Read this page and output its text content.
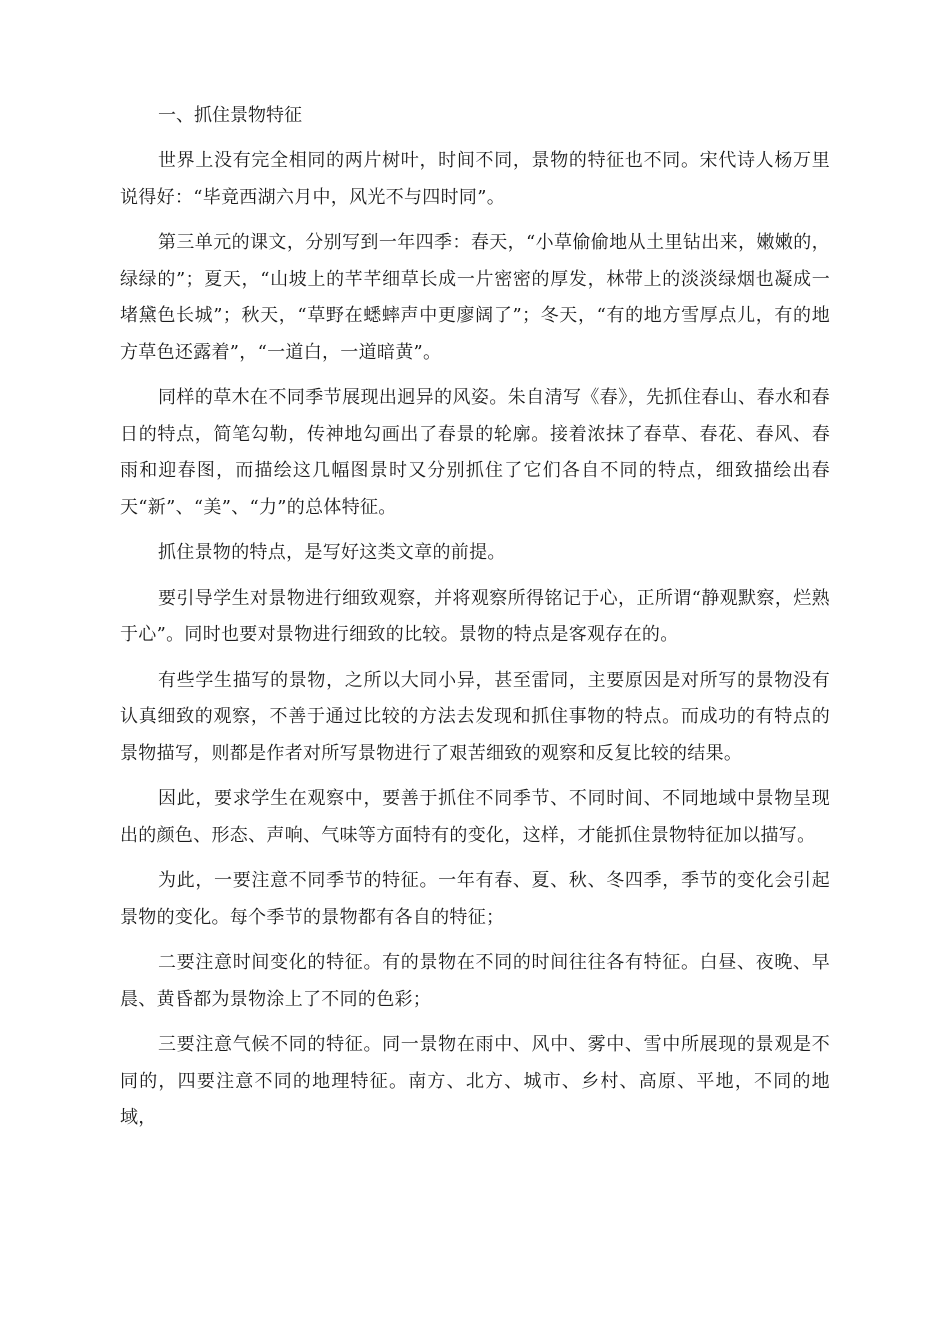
一、抓住景物特征

世界上没有完全相同的两片树叶，时间不同，景物的特征也不同。宋代诗人杨万里说得好：“毕竟西湖六月中，风光不与四时同”。

第三单元的课文，分别写到一年四季：春天，“小草偷偷地从土里钻出来，嫩嫩的，绿绿的”；夏天，“山坡上的芊芊细草长成一片密密的厚发，林带上的淡淡绿烟也凝成一堵黛色长城”；秋天，“草野在蟋蟀声中更廖阔了”；冬天，“有的地方雪厚点儿，有的地方草色还露着”，“一道白，一道暗黄”。

同样的草木在不同季节展现出迥异的风姿。朱自清写《春》，先抓住春山、春水和春日的特点，简笔勾勒，传神地勾画出了春景的轮廓。接着浓抹了春草、春花、春风、春雨和迎春图，而描绘这几幅图景时又分别抓住了它们各自不同的特点，细致描绘出春天“新”、“美”、“力”的总体特征。

抓住景物的特点，是写好这类文章的前提。

要引导学生对景物进行细致观察，并将观察所得铭记于心，正所谓“静观默察，烂熟于心”。同时也要对景物进行细致的比较。景物的特点是客观存在的。

有些学生描写的景物，之所以大同小异，甚至雷同，主要原因是对所写的景物没有认真细致的观察，不善于通过比较的方法去发现和抓住事物的特点。而成功的有特点的景物描写，则都是作者对所写景物进行了艰苦细致的观察和反复比较的结果。

因此，要求学生在观察中，要善于抓住不同季节、不同时间、不同地域中景物呈现出的颜色、形态、声响、气味等方面特有的变化，这样，才能抓住景物特征加以描写。

为此，一要注意不同季节的特征。一年有春、夏、秋、冬四季，季节的变化会引起景物的变化。每个季节的景物都有各自的特征；

二要注意时间变化的特征。有的景物在不同的时间往往各有特征。白昼、夜晚、早晨、黄昏都为景物涂上了不同的色彩；

三要注意气候不同的特征。同一景物在雨中、风中、雾中、雪中所展现的景观是不同的，四要注意不同的地理特征。南方、北方、城市、乡村、高原、平地，不同的地域，
